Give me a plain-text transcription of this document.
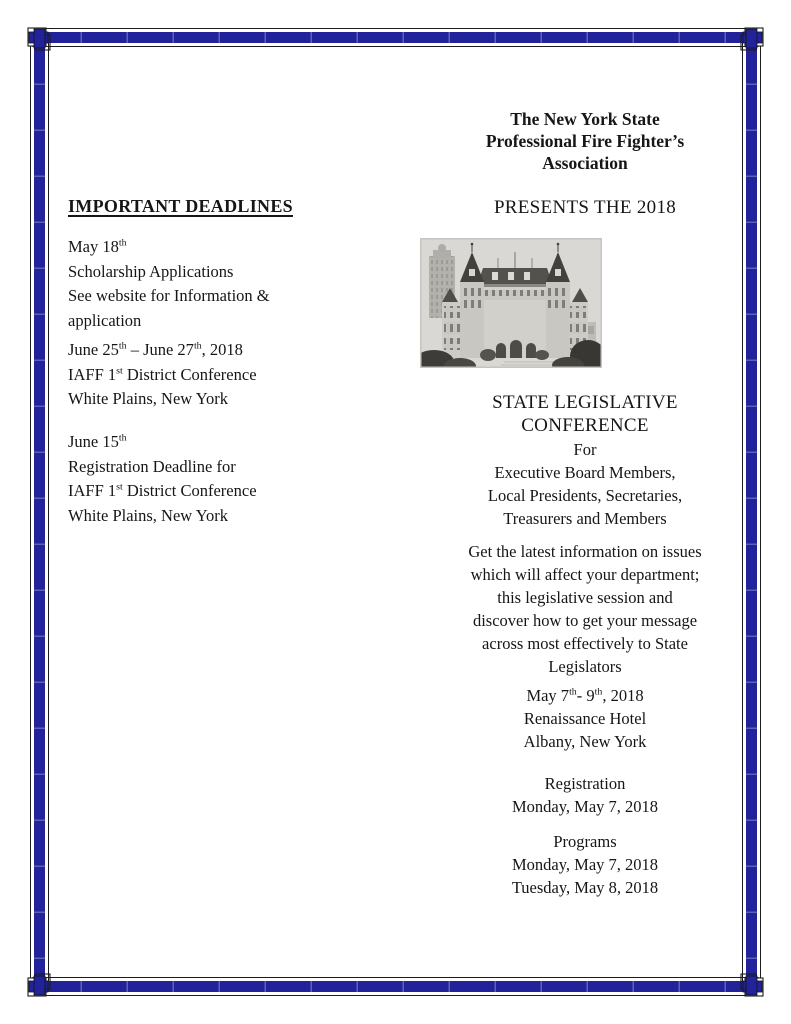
IMPORTANT DEADLINES
May 18th
Scholarship Applications
See website for Information &
application
June 25th – June 27th, 2018
IAFF 1st District Conference
White Plains, New York
June 15th
Registration Deadline for
IAFF 1st District Conference
White Plains, New York
The New York State
Professional Fire Fighter’s
Association
PRESENTS THE 2018
STATE LEGISLATIVE
CONFERENCE
For
Executive Board Members,
Local Presidents, Secretaries,
Treasurers and Members
Get the latest information on issues
which will affect your department;
this legislative session and
discover how to get your message
across most effectively to State
Legislators
May 7th- 9th, 2018
Renaissance Hotel
Albany, New York
Registration
Monday, May 7, 2018
Programs
Monday, May 7, 2018
Tuesday, May 8, 2018
